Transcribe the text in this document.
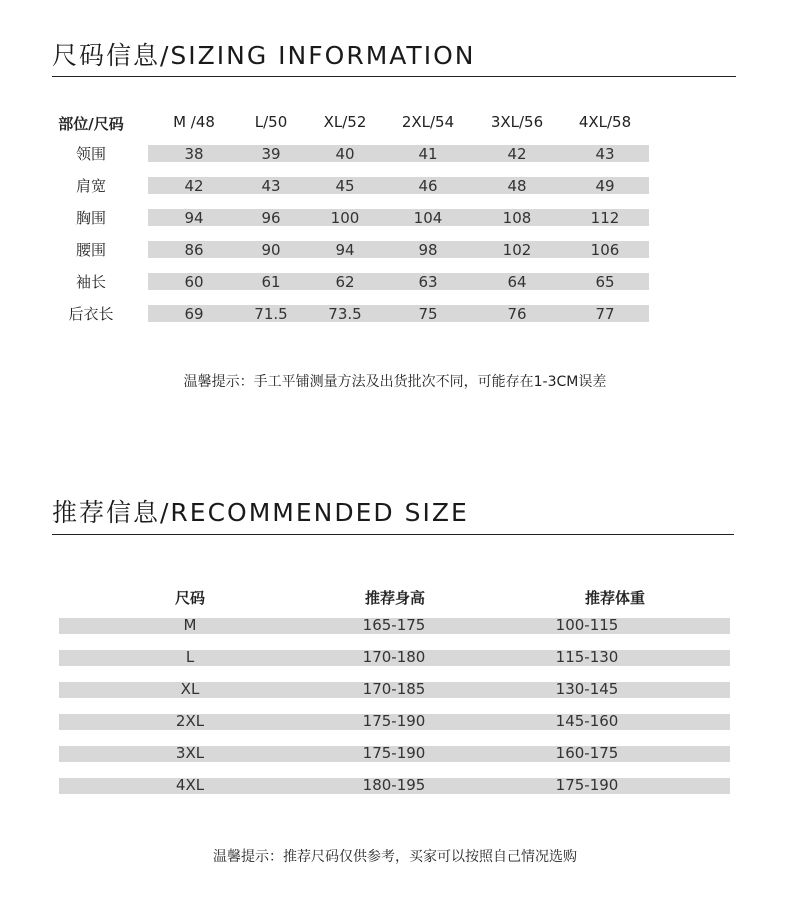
尺码信息/SIZING INFORMATION
部位/尺码	M /48	L/50	XL/52	2XL/54	3XL/56	4XL/58
领围	38	39	40	41	42	43
肩宽	42	43	45	46	48	49
胸围	94	96	100	104	108	112
腰围	86	90	94	98	102	106
袖长	60	61	62	63	64	65
后衣长	69	71.5	73.5	75	76	77
温馨提示：手工平铺测量方法及出货批次不同，可能存在1-3CM误差
推荐信息/RECOMMENDED SIZE
尺码	推荐身高	推荐体重
M	165-175	100-115
L	170-180	115-130
XL	170-185	130-145
2XL	175-190	145-160
3XL	175-190	160-175
4XL	180-195	175-190
温馨提示：推荐尺码仅供参考，买家可以按照自己情况选购
